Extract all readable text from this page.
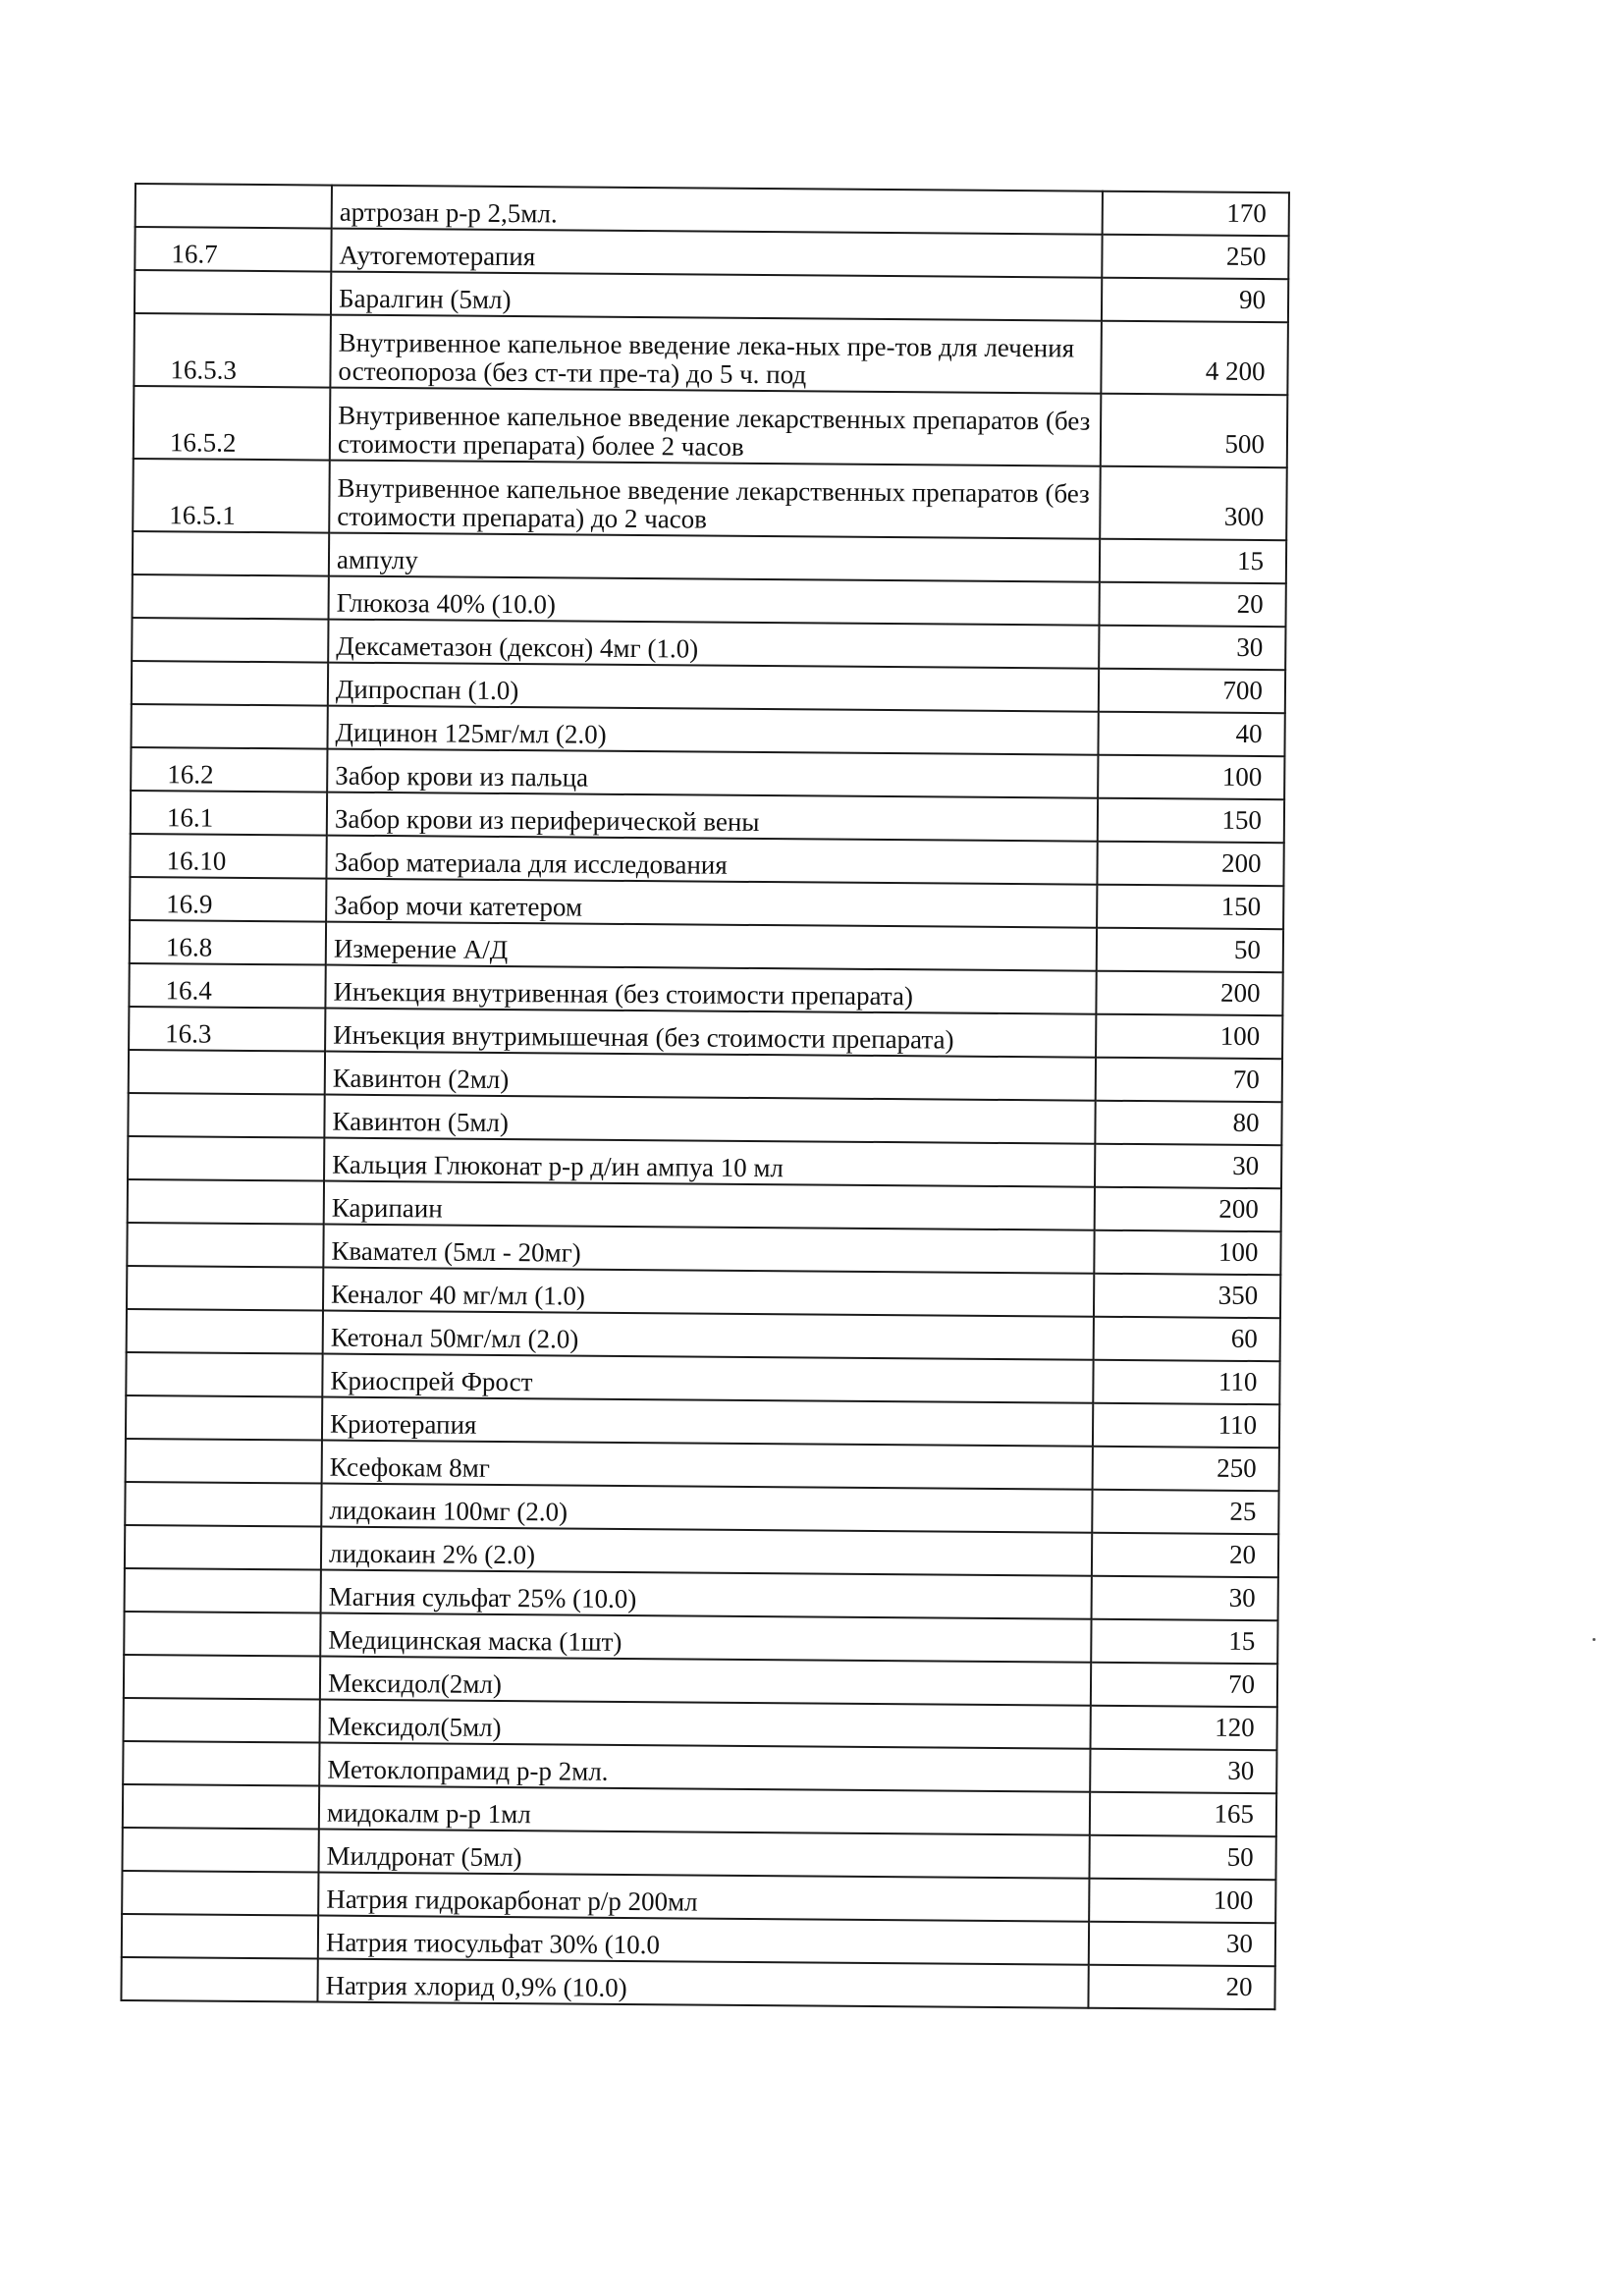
	артрозан р-р 2,5мл.	170
16.7	Аутогемотерапия	250
	Баралгин (5мл)	90
16.5.3	Внутривенное капельное введение лека-ных пре-тов для лечения остеопороза (без ст-ти пре-та) до 5 ч. под	4 200
16.5.2	Внутривенное капельное введение лекарственных препаратов (без стоимости препарата) более 2 часов	500
16.5.1	Внутривенное капельное введение лекарственных препаратов (без стоимости препарата) до 2 часов	300
	ампулу	15
	Глюкоза 40% (10.0)	20
	Дексаметазон (дексон) 4мг (1.0)	30
	Дипроспан (1.0)	700
	Дицинон 125мг/мл (2.0)	40
16.2	Забор крови из пальца	100
16.1	Забор крови из периферической вены	150
16.10	Забор материала для исследования	200
16.9	Забор мочи катетером	150
16.8	Измерение А/Д	50
16.4	Инъекция внутривенная (без стоимости препарата)	200
16.3	Инъекция внутримышечная (без стоимости препарата)	100
	Кавинтон (2мл)	70
	Кавинтон (5мл)	80
	Кальция Глюконат р-р д/ин ампуа 10 мл	30
	Карипаин	200
	Квамател (5мл - 20мг)	100
	Кеналог 40 мг/мл (1.0)	350
	Кетонал 50мг/мл (2.0)	60
	Криоспрей Фрост	110
	Криотерапия	110
	Ксефокам 8мг	250
	лидокаин 100мг (2.0)	25
	лидокаин 2% (2.0)	20
	Магния сульфат 25% (10.0)	30
	Медицинская маска (1шт)	15
	Мексидол(2мл)	70
	Мексидол(5мл)	120
	Метоклопрамид р-р 2мл.	30
	мидокалм р-р 1мл	165
	Милдронат (5мл)	50
	Натрия гидрокарбонат р/р 200мл	100
	Натрия тиосульфат 30% (10.0	30
	Натрия хлорид 0,9% (10.0)	20
